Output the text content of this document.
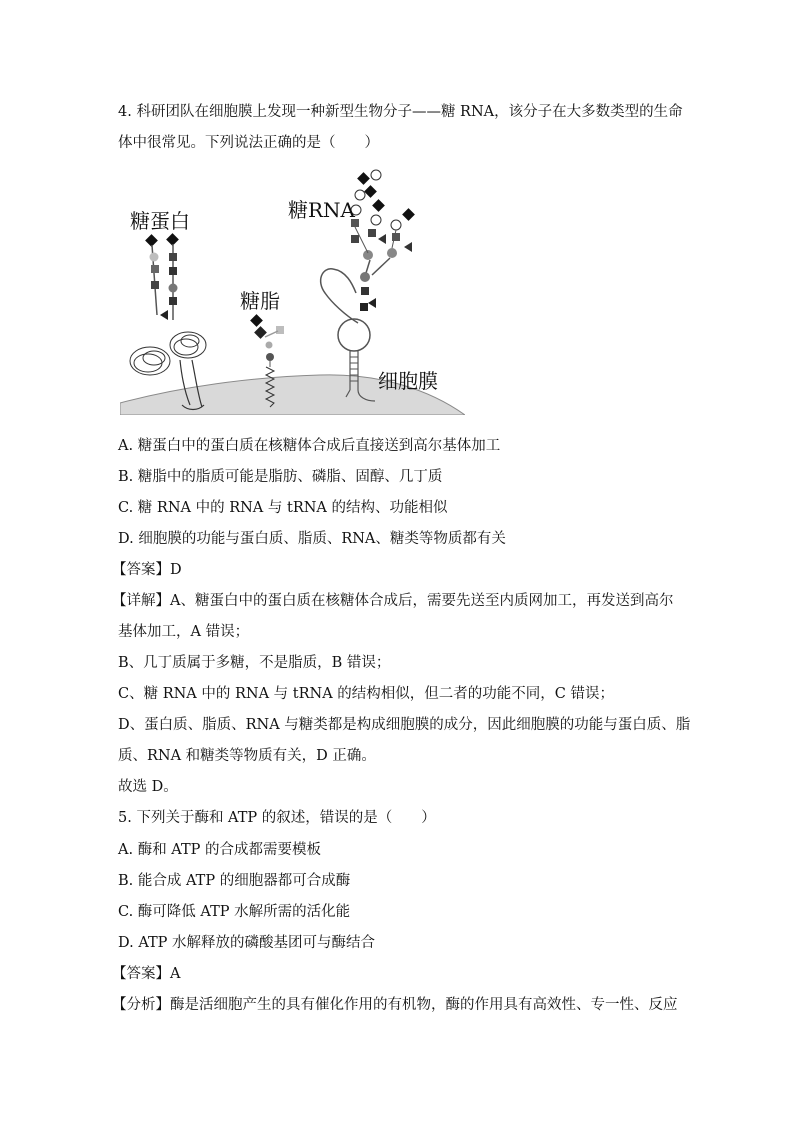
4. 科研团队在细胞膜上发现一种新型生物分子——糖 RNA，该分子在大多数类型的生命
体中很常见。下列说法正确的是（　　）
糖蛋白
糖脂
糖RNA
细胞膜
A. 糖蛋白中的蛋白质在核糖体合成后直接送到高尔基体加工
B. 糖脂中的脂质可能是脂肪、磷脂、固醇、几丁质
C. 糖 RNA 中的 RNA 与 tRNA 的结构、功能相似
D. 细胞膜的功能与蛋白质、脂质、RNA、糖类等物质都有关
【答案】D
【详解】A、糖蛋白中的蛋白质在核糖体合成后，需要先送至内质网加工，再发送到高尔
基体加工，A 错误；
B、几丁质属于多糖，不是脂质，B 错误；
C、糖 RNA 中的 RNA 与 tRNA 的结构相似，但二者的功能不同，C 错误；
D、蛋白质、脂质、RNA 与糖类都是构成细胞膜的成分，因此细胞膜的功能与蛋白质、脂
质、RNA 和糖类等物质有关，D 正确。
故选 D。
5. 下列关于酶和 ATP 的叙述，错误的是（　　）
A. 酶和 ATP 的合成都需要模板
B. 能合成 ATP 的细胞器都可合成酶
C. 酶可降低 ATP 水解所需的活化能
D. ATP 水解释放的磷酸基团可与酶结合
【答案】A
【分析】酶是活细胞产生的具有催化作用的有机物，酶的作用具有高效性、专一性、反应
